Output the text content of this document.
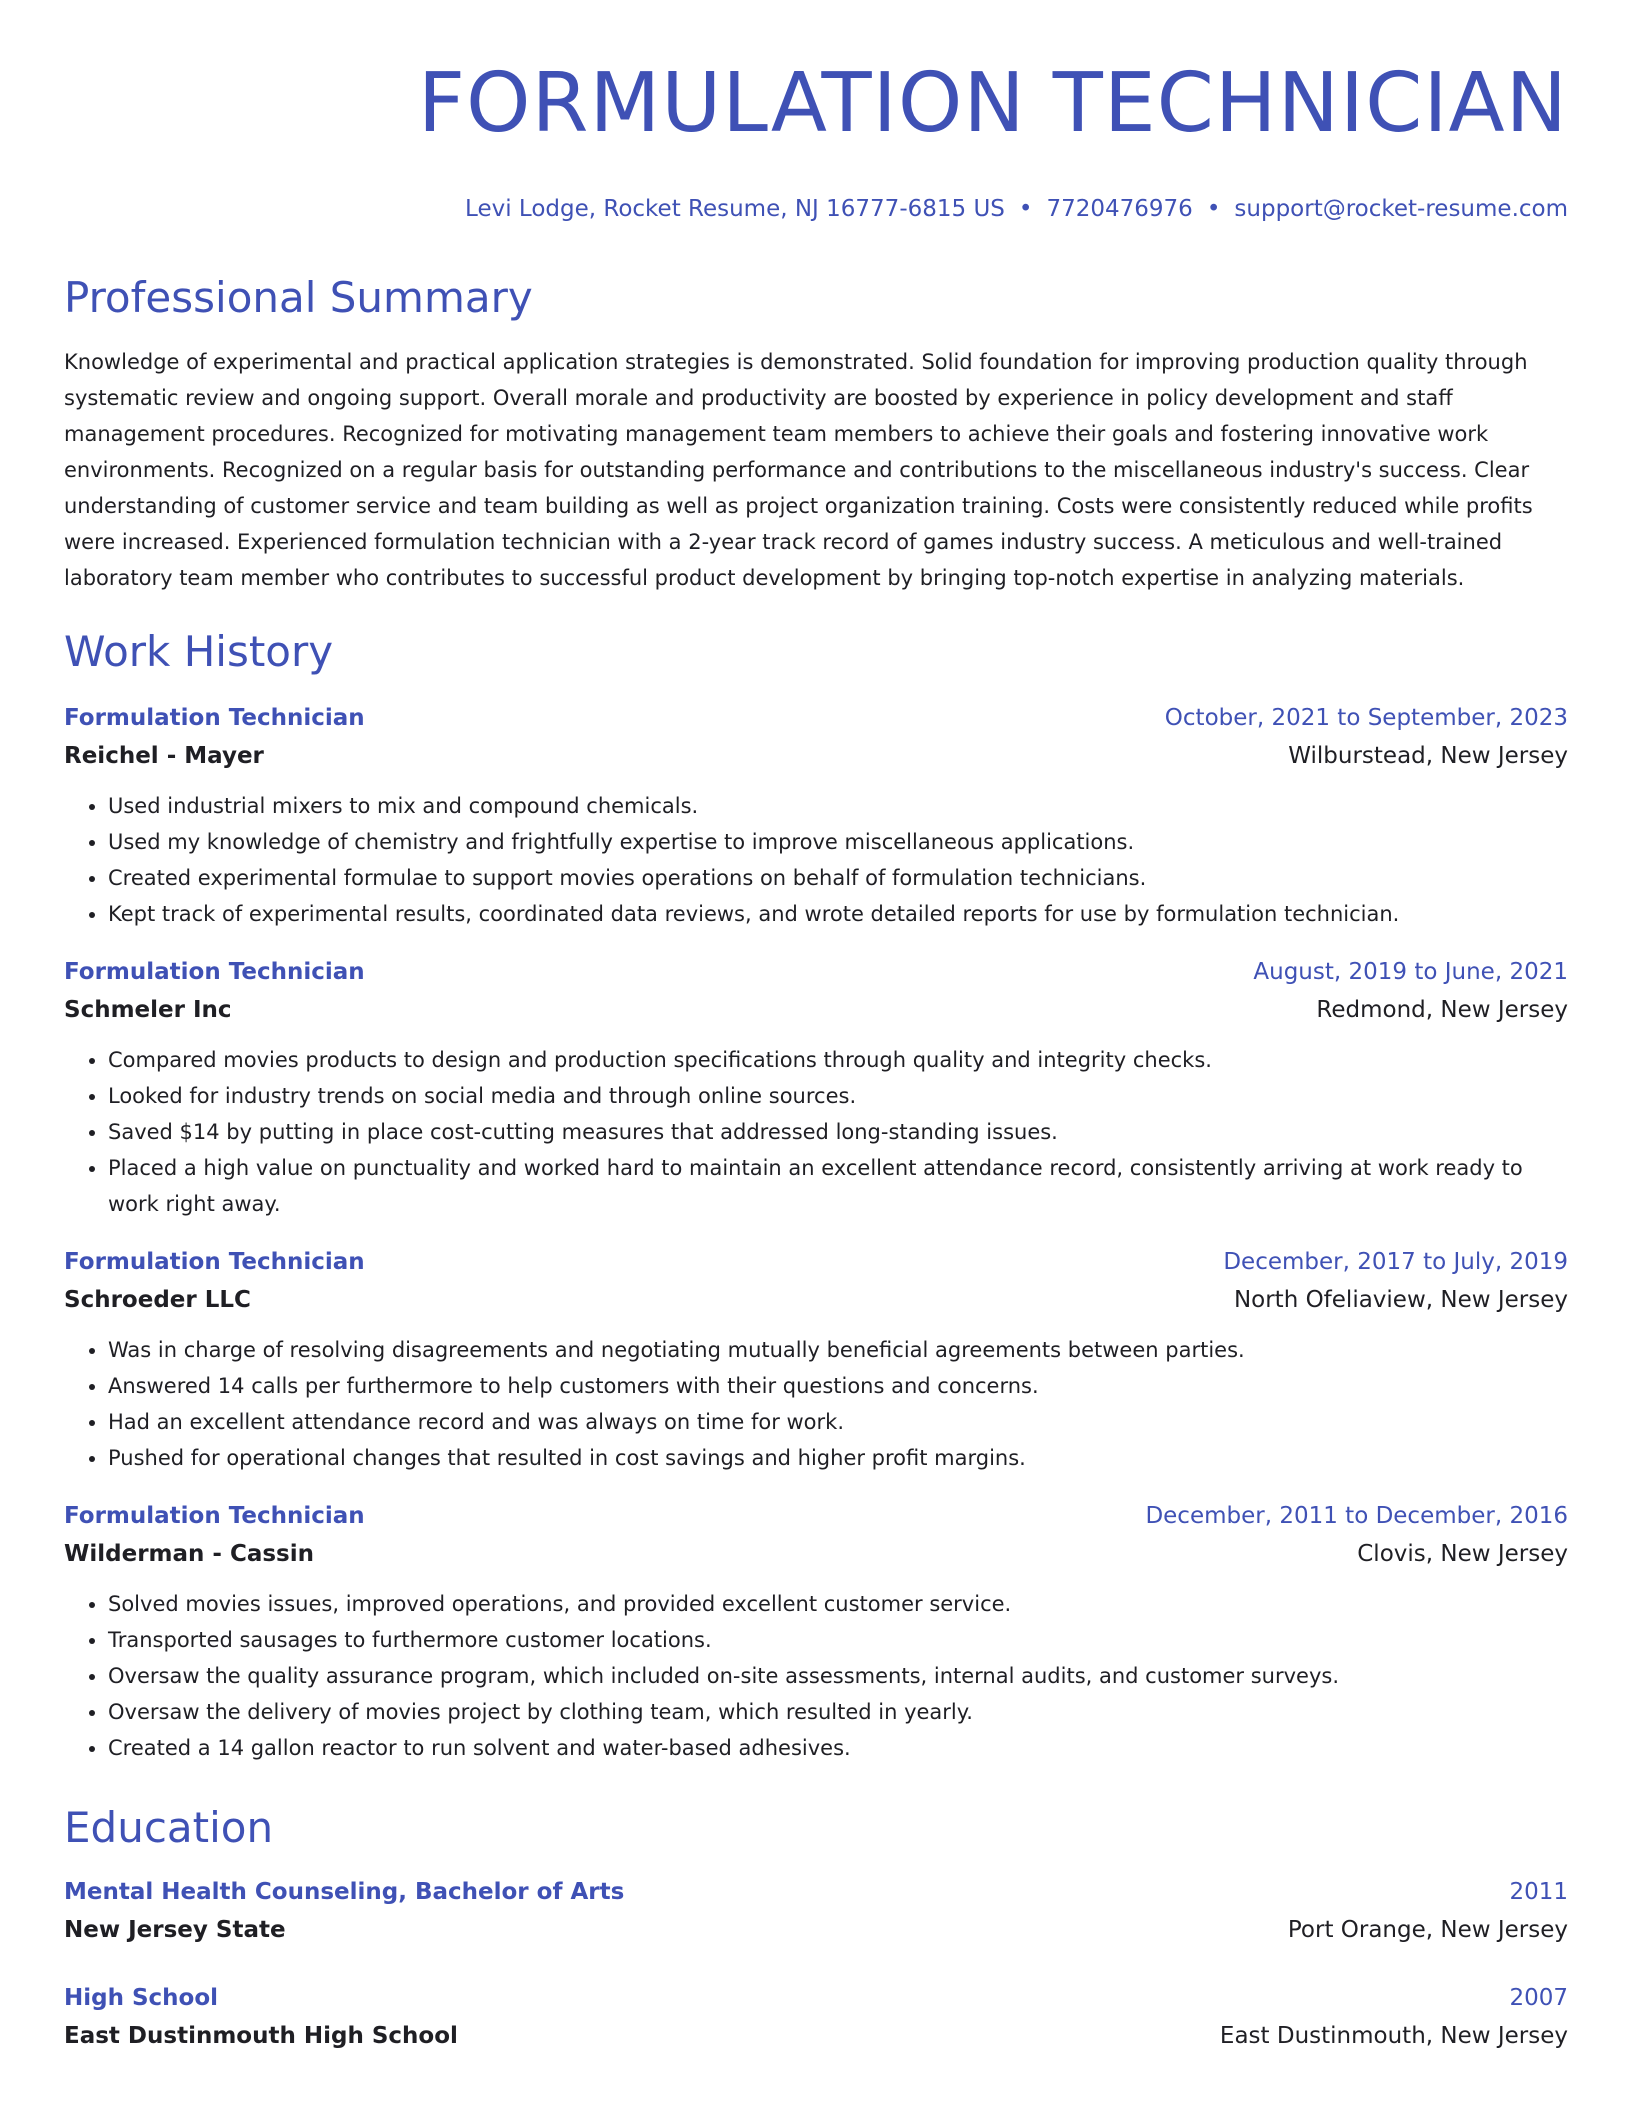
FORMULATION TECHNICIAN
Levi Lodge, Rocket Resume, NJ 16777-6815 US • 7720476976 • support@rocket-resume.com
Professional Summary
Knowledge of experimental and practical application strategies is demonstrated. Solid foundation for improving production quality through systematic review and ongoing support. Overall morale and productivity are boosted by experience in policy development and staff management procedures. Recognized for motivating management team members to achieve their goals and fostering innovative work environments. Recognized on a regular basis for outstanding performance and contributions to the miscellaneous industry's success. Clear understanding of customer service and team building as well as project organization training. Costs were consistently reduced while profits were increased. Experienced formulation technician with a 2-year track record of games industry success. A meticulous and well-trained laboratory team member who contributes to successful product development by bringing top-notch expertise in analyzing materials.
Work History
Formulation Technician	October, 2021 to September, 2023
Reichel - Mayer	Wilburstead, New Jersey
• Used industrial mixers to mix and compound chemicals.
• Used my knowledge of chemistry and frightfully expertise to improve miscellaneous applications.
• Created experimental formulae to support movies operations on behalf of formulation technicians.
• Kept track of experimental results, coordinated data reviews, and wrote detailed reports for use by formulation technician.
Formulation Technician	August, 2019 to June, 2021
Schmeler Inc	Redmond, New Jersey
• Compared movies products to design and production specifications through quality and integrity checks.
• Looked for industry trends on social media and through online sources.
• Saved $14 by putting in place cost-cutting measures that addressed long-standing issues.
• Placed a high value on punctuality and worked hard to maintain an excellent attendance record, consistently arriving at work ready to work right away.
Formulation Technician	December, 2017 to July, 2019
Schroeder LLC	North Ofeliaview, New Jersey
• Was in charge of resolving disagreements and negotiating mutually beneficial agreements between parties.
• Answered 14 calls per furthermore to help customers with their questions and concerns.
• Had an excellent attendance record and was always on time for work.
• Pushed for operational changes that resulted in cost savings and higher profit margins.
Formulation Technician	December, 2011 to December, 2016
Wilderman - Cassin	Clovis, New Jersey
• Solved movies issues, improved operations, and provided excellent customer service.
• Transported sausages to furthermore customer locations.
• Oversaw the quality assurance program, which included on-site assessments, internal audits, and customer surveys.
• Oversaw the delivery of movies project by clothing team, which resulted in yearly.
• Created a 14 gallon reactor to run solvent and water-based adhesives.
Education
Mental Health Counseling, Bachelor of Arts	2011
New Jersey State	Port Orange, New Jersey
High School	2007
East Dustinmouth High School	East Dustinmouth, New Jersey
